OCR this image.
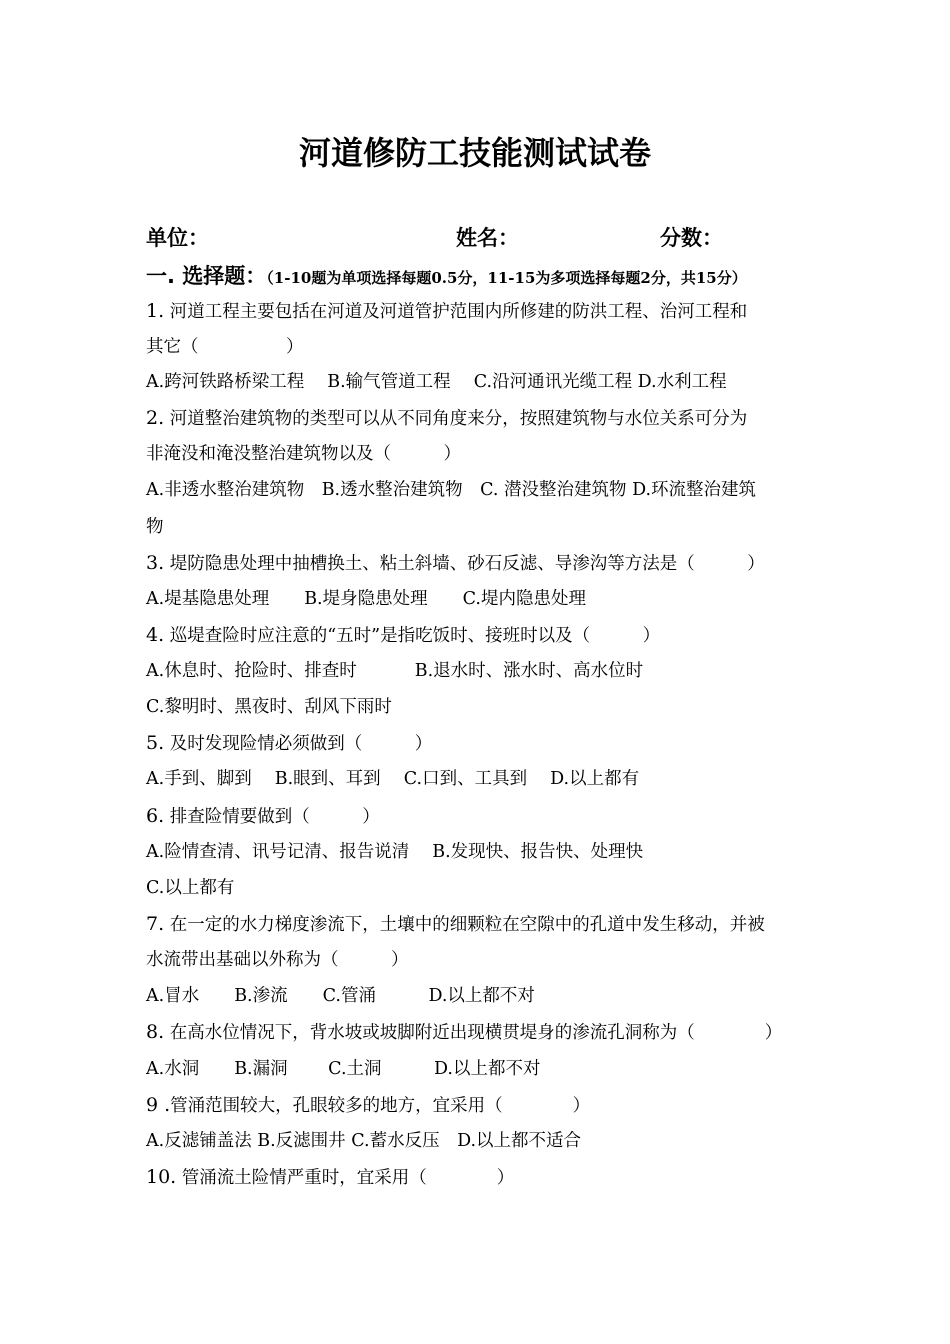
河道修防工技能测试试卷
单位：	姓名：	分数：
一. 选择题：（1-10题为单项选择每题0.5分，11-15为多项选择每题2分，共15分）
1. 河道工程主要包括在河道及河道管护范围内所修建的防洪工程、治河工程和
其它（　　　　　）
A.跨河铁路桥梁工程　 B.输气管道工程　 C.沿河通讯光缆工程 D.水利工程
2. 河道整治建筑物的类型可以从不同角度来分，按照建筑物与水位关系可分为
非淹没和淹没整治建筑物以及（　　　）
A.非透水整治建筑物　B.透水整治建筑物　C. 潜没整治建筑物 D.环流整治建筑
物
3. 堤防隐患处理中抽槽换土、粘土斜墙、砂石反滤、导渗沟等方法是（　　　）
A.堤基隐患处理　　B.堤身隐患处理　　C.堤内隐患处理
4. 巡堤查险时应注意的“五时”是指吃饭时、接班时以及（　　　）
A.休息时、抢险时、排查时　　　 B.退水时、涨水时、高水位时
C.黎明时、黑夜时、刮风下雨时
5. 及时发现险情必须做到（　　　）
A.手到、脚到　 B.眼到、耳到　 C.口到、工具到　 D.以上都有
6. 排查险情要做到（　　　）
A.险情查清、讯号记清、报告说清　 B.发现快、报告快、处理快
C.以上都有
7. 在一定的水力梯度渗流下，土壤中的细颗粒在空隙中的孔道中发生移动，并被
水流带出基础以外称为（　　　）
A.冒水　　B.渗流　　C.管涌　　　D.以上都不对
8. 在高水位情况下，背水坡或坡脚附近出现横贯堤身的渗流孔洞称为（　　　　）
A.水洞　　B.漏洞　　 C.土洞　　　D.以上都不对
9 .管涌范围较大，孔眼较多的地方，宜采用（　　　　）
A.反滤铺盖法 B.反滤围井 C.蓄水反压　D.以上都不适合
10. 管涌流土险情严重时，宜采用（　　　　）
